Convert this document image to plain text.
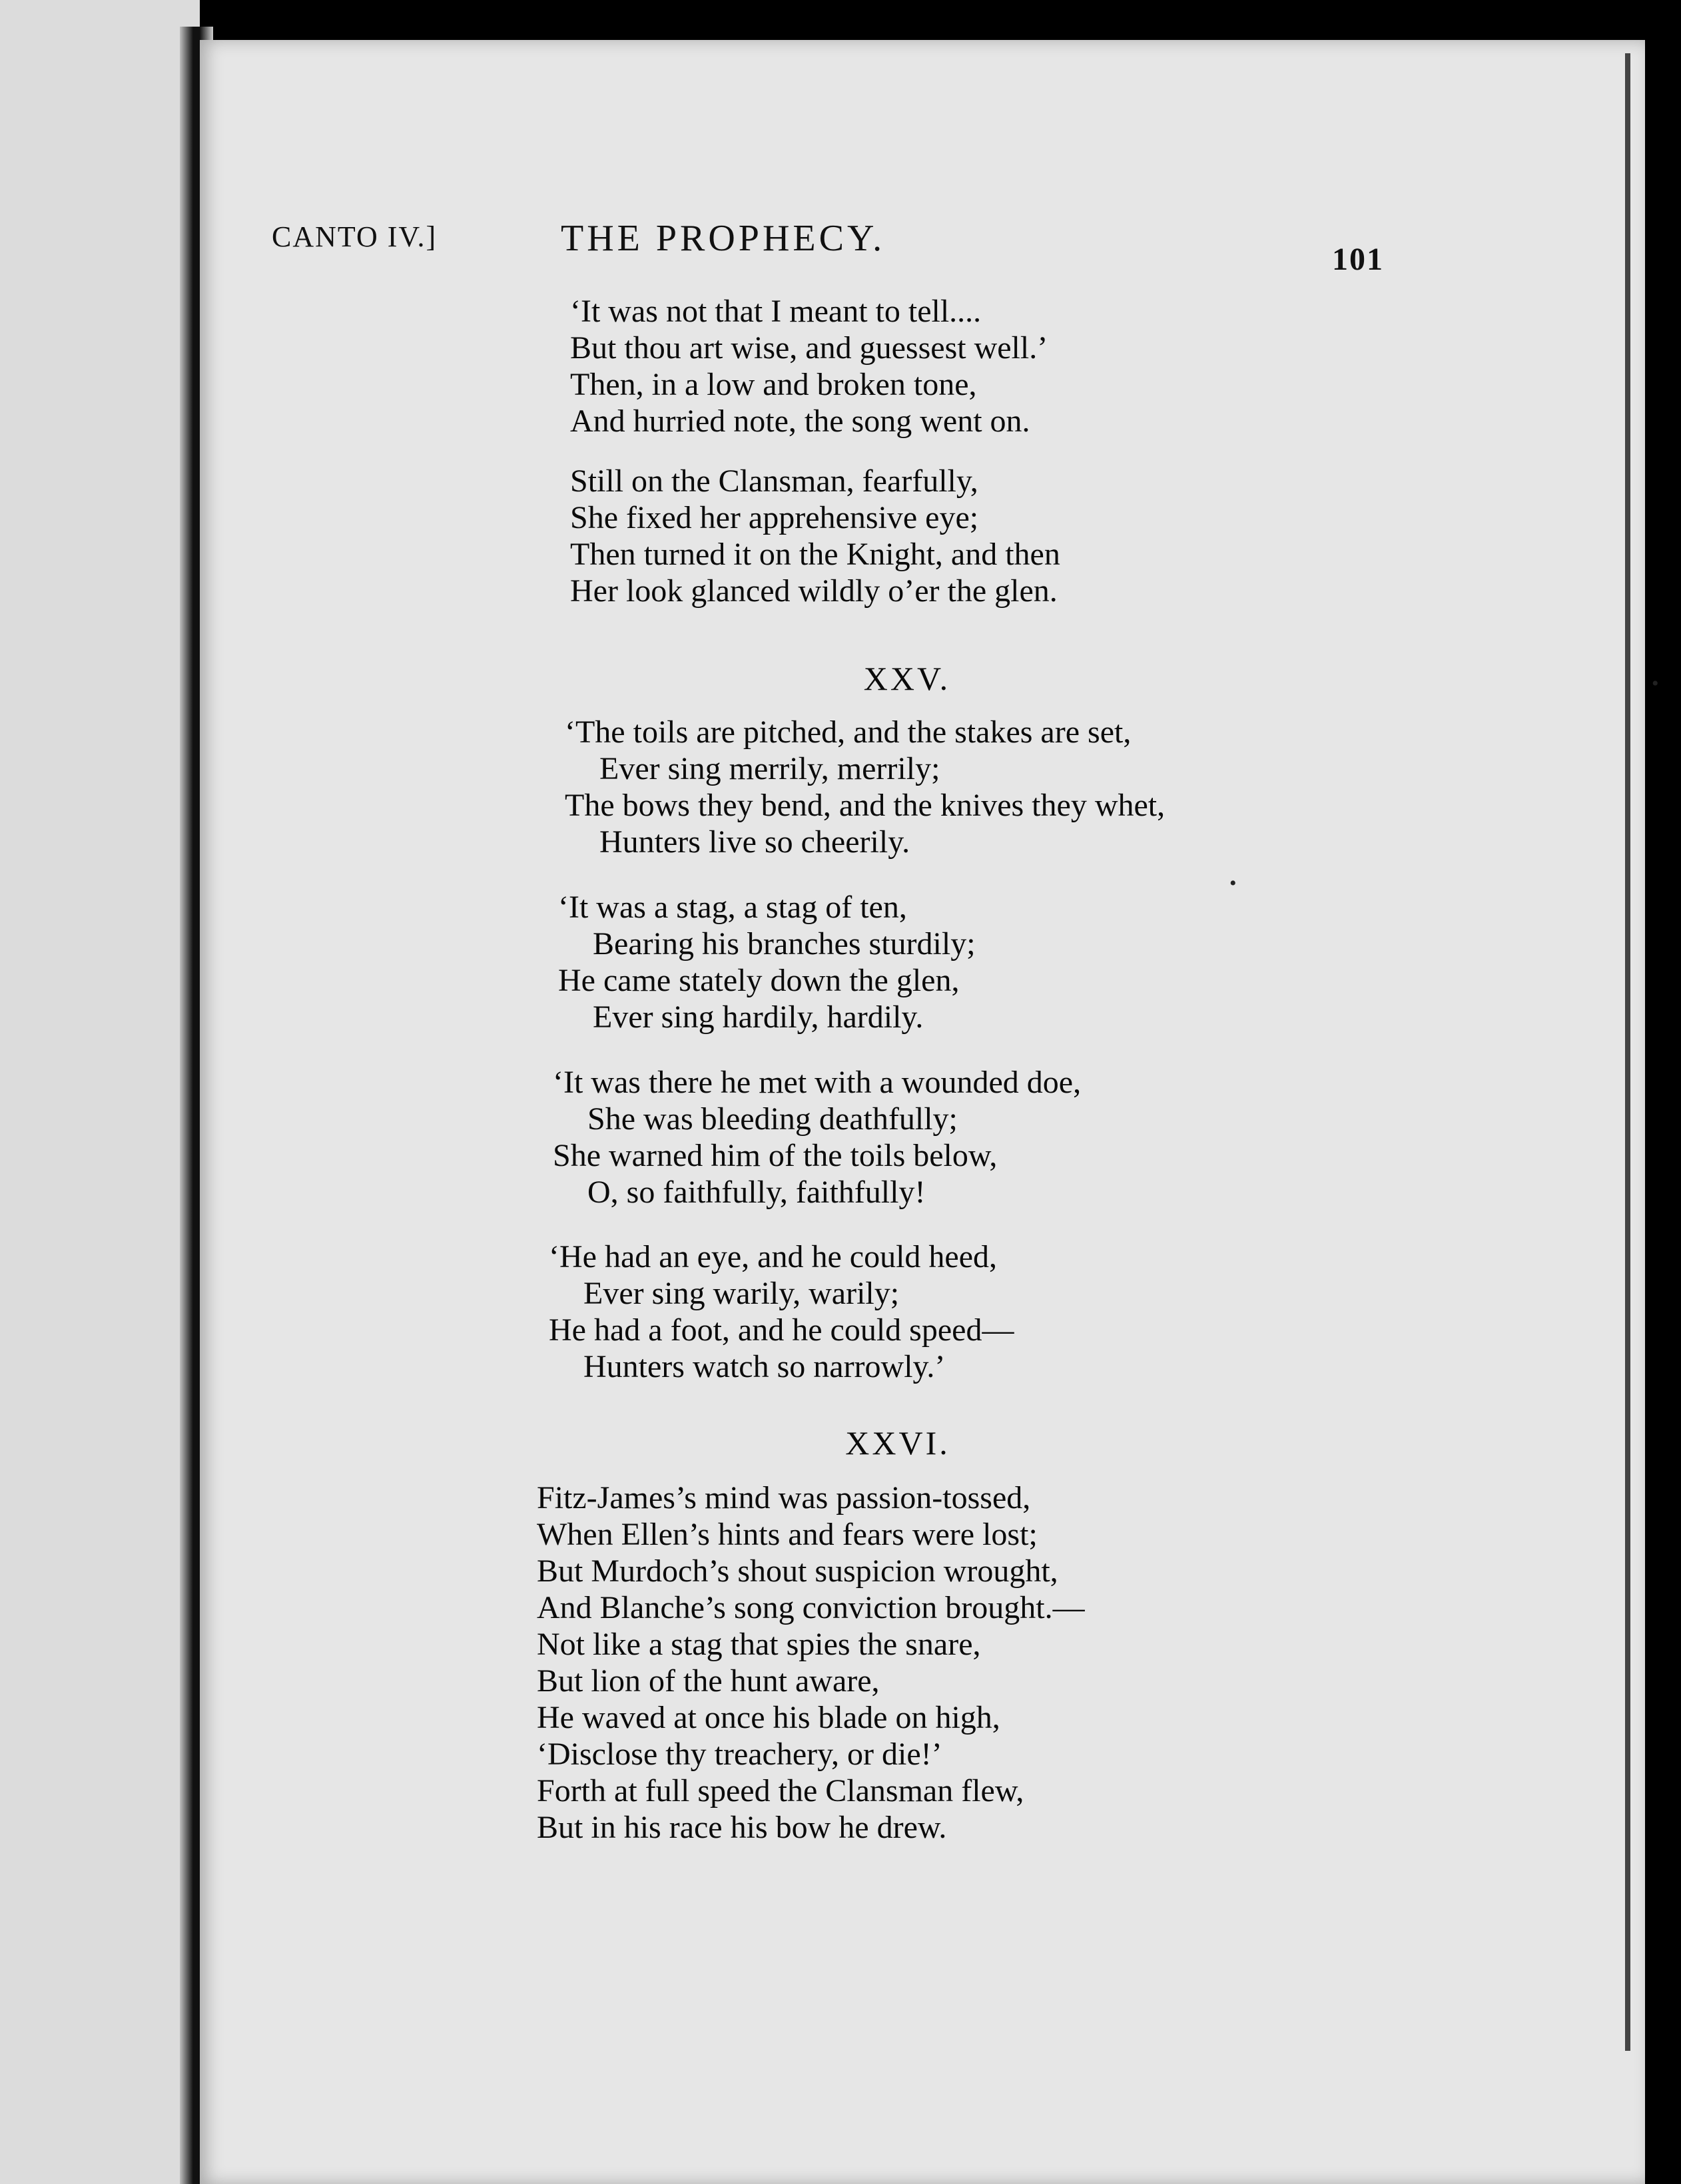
CANTO IV.]	THE PROPHECY.
101
‘It was not that I meant to tell....
But thou art wise, and guessest well.’
Then, in a low and broken tone,
And hurried note, the song went on.
Still on the Clansman, fearfully,
She fixed her apprehensive eye;
Then turned it on the Knight, and then
Her look glanced wildly o’er the glen.
XXV.
‘The toils are pitched, and the stakes are set,
Ever sing merrily, merrily;
The bows they bend, and the knives they whet,
Hunters live so cheerily.
‘It was a stag, a stag of ten,
Bearing his branches sturdily;
He came stately down the glen,
Ever sing hardily, hardily.
‘It was there he met with a wounded doe,
She was bleeding deathfully;
She warned him of the toils below,
O, so faithfully, faithfully!
‘He had an eye, and he could heed,
Ever sing warily, warily;
He had a foot, and he could speed—
Hunters watch so narrowly.’
XXVI.
Fitz-James’s mind was passion-tossed,
When Ellen’s hints and fears were lost;
But Murdoch’s shout suspicion wrought,
And Blanche’s song conviction brought.—
Not like a stag that spies the snare,
But lion of the hunt aware,
He waved at once his blade on high,
‘Disclose thy treachery, or die!’
Forth at full speed the Clansman flew,
But in his race his bow he drew.
•
•
